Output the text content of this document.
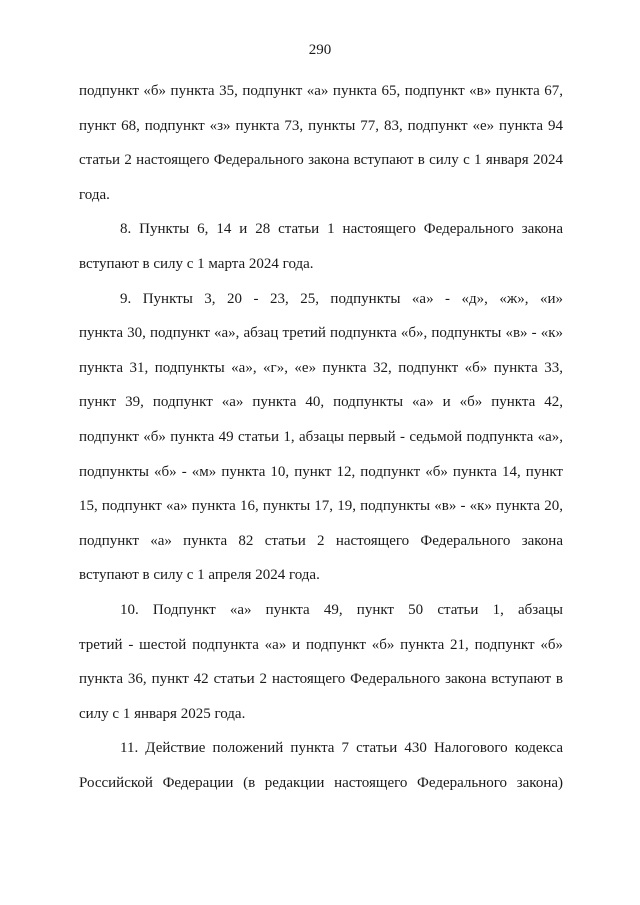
290

подпункт «б» пункта 35, подпункт «а» пункта 65, подпункт «в» пункта 67,
пункт 68, подпункт «з» пункта 73, пункты 77, 83, подпункт «е» пункта 94
статьи 2 настоящего Федерального закона вступают в силу с 1 января 2024
года.

8. Пункты 6, 14 и 28 статьи 1 настоящего Федерального закона
вступают в силу с 1 марта 2024 года.

9. Пункты 3, 20 - 23, 25, подпункты «а» - «д», «ж», «и»
пункта 30, подпункт «а», абзац третий подпункта «б», подпункты «в» - «к»
пункта 31, подпункты «а», «г», «е» пункта 32, подпункт «б» пункта 33,
пункт 39, подпункт «а» пункта 40, подпункты «а» и «б» пункта 42,
подпункт «б» пункта 49 статьи 1, абзацы первый - седьмой подпункта «а»,
подпункты «б» - «м» пункта 10, пункт 12, подпункт «б» пункта 14, пункт
15, подпункт «а» пункта 16, пункты 17, 19, подпункты «в» - «к» пункта 20,
подпункт «а» пункта 82 статьи 2 настоящего Федерального закона
вступают в силу с 1 апреля 2024 года.

10. Подпункт «а» пункта 49, пункт 50 статьи 1, абзацы
третий - шестой подпункта «а» и подпункт «б» пункта 21, подпункт «б»
пункта 36, пункт 42 статьи 2 настоящего Федерального закона вступают в
силу с 1 января 2025 года.

11. Действие положений пункта 7 статьи 430 Налогового кодекса
Российской Федерации (в редакции настоящего Федерального закона)
